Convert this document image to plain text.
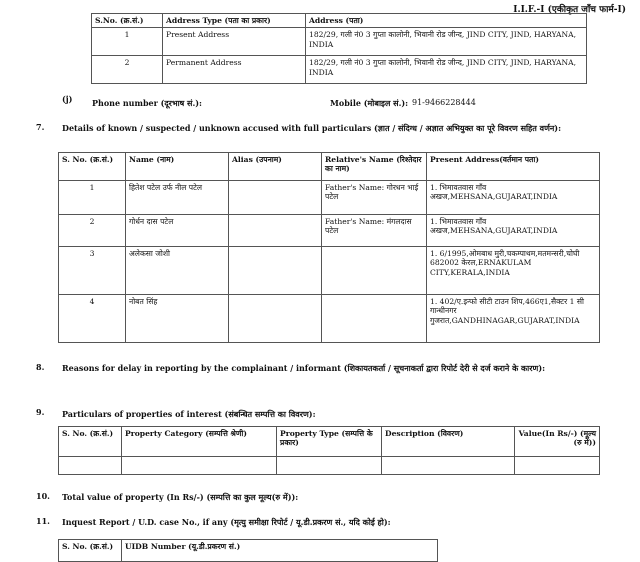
I.I.F.-I (एकीकृत जाँच फार्म-I)
S.No. (क्र.सं.)	Address Type (पता का प्रकार)	Address (पता)
1	Present Address	182/29, गली नं0 3 गुप्ता कालोनी, भिवानी रोड जीन्द, JIND CITY, JIND, HARYANA, INDIA
2	Permanent Address	182/29, गली नं0 3 गुप्ता कालोनी, भिवानी रोड जीन्द, JIND CITY, JIND, HARYANA, INDIA
(j) Phone number (दूरभाष सं.):	Mobile (मोबाइल सं.): 91-9466228444
7. Details of known / suspected / unknown accused with full particulars (ज्ञात / संदिग्ध / अज्ञात अभियुक्त का पूरे विवरण सहित वर्णन):
S. No. (क्र.सं.)	Name (नाम)	Alias (उपनाम)	Relative's Name (रिश्तेदार का नाम)	Present Address(वर्तमान पता)
1	हितेश पटेल उर्फ नील पटेल		Father's Name: गोरधन भाई पटेल	1. भिमावतवास गाँव अखज,MEHSANA,GUJARAT,INDIA
2	गोर्धन दास पटेल		Father's Name: मंगलदास पटेल	1. भिमावतवास गाँव अखज,MEHSANA,GUJARAT,INDIA
3	अलेकसा जोशी			1. 6/1995,ओमबाध मुरी,चकम्पाथम,मतमन्सरी,चोघी 682002 केरल,ERNAKULAM CITY,KERALA,INDIA
4	नोबत सिंह			1. 402/ए.इन्फो सीटी टाउन शिप,466ए1,सैक्टर 1 सी गान्धीनगर गुजरात,GANDHINAGAR,GUJARAT,INDIA
8. Reasons for delay in reporting by the complainant / informant (शिकायतकर्ता / सूचनाकर्ता द्वारा रिपोर्ट देरी से दर्ज कराने के कारण):
9. Particulars of properties of interest (संबन्धित सम्पत्ति का विवरण):
S. No. (क्र.सं.)	Property Category (सम्पत्ति श्रेणी)	Property Type (सम्पत्ति के प्रकार)	Description (विवरण)	Value(In Rs/-) (मूल्य (रु में))

10. Total value of property (In Rs/-) (सम्पत्ति का कुल मूल्य(रु में)):
11. Inquest Report / U.D. case No., if any (मृत्यु समीक्षा रिपोर्ट / यू.डी.प्रकरण सं., यदि कोई हो):
S. No. (क्र.सं.)	UIDB Number (यू.डी.प्रकरण सं.)
